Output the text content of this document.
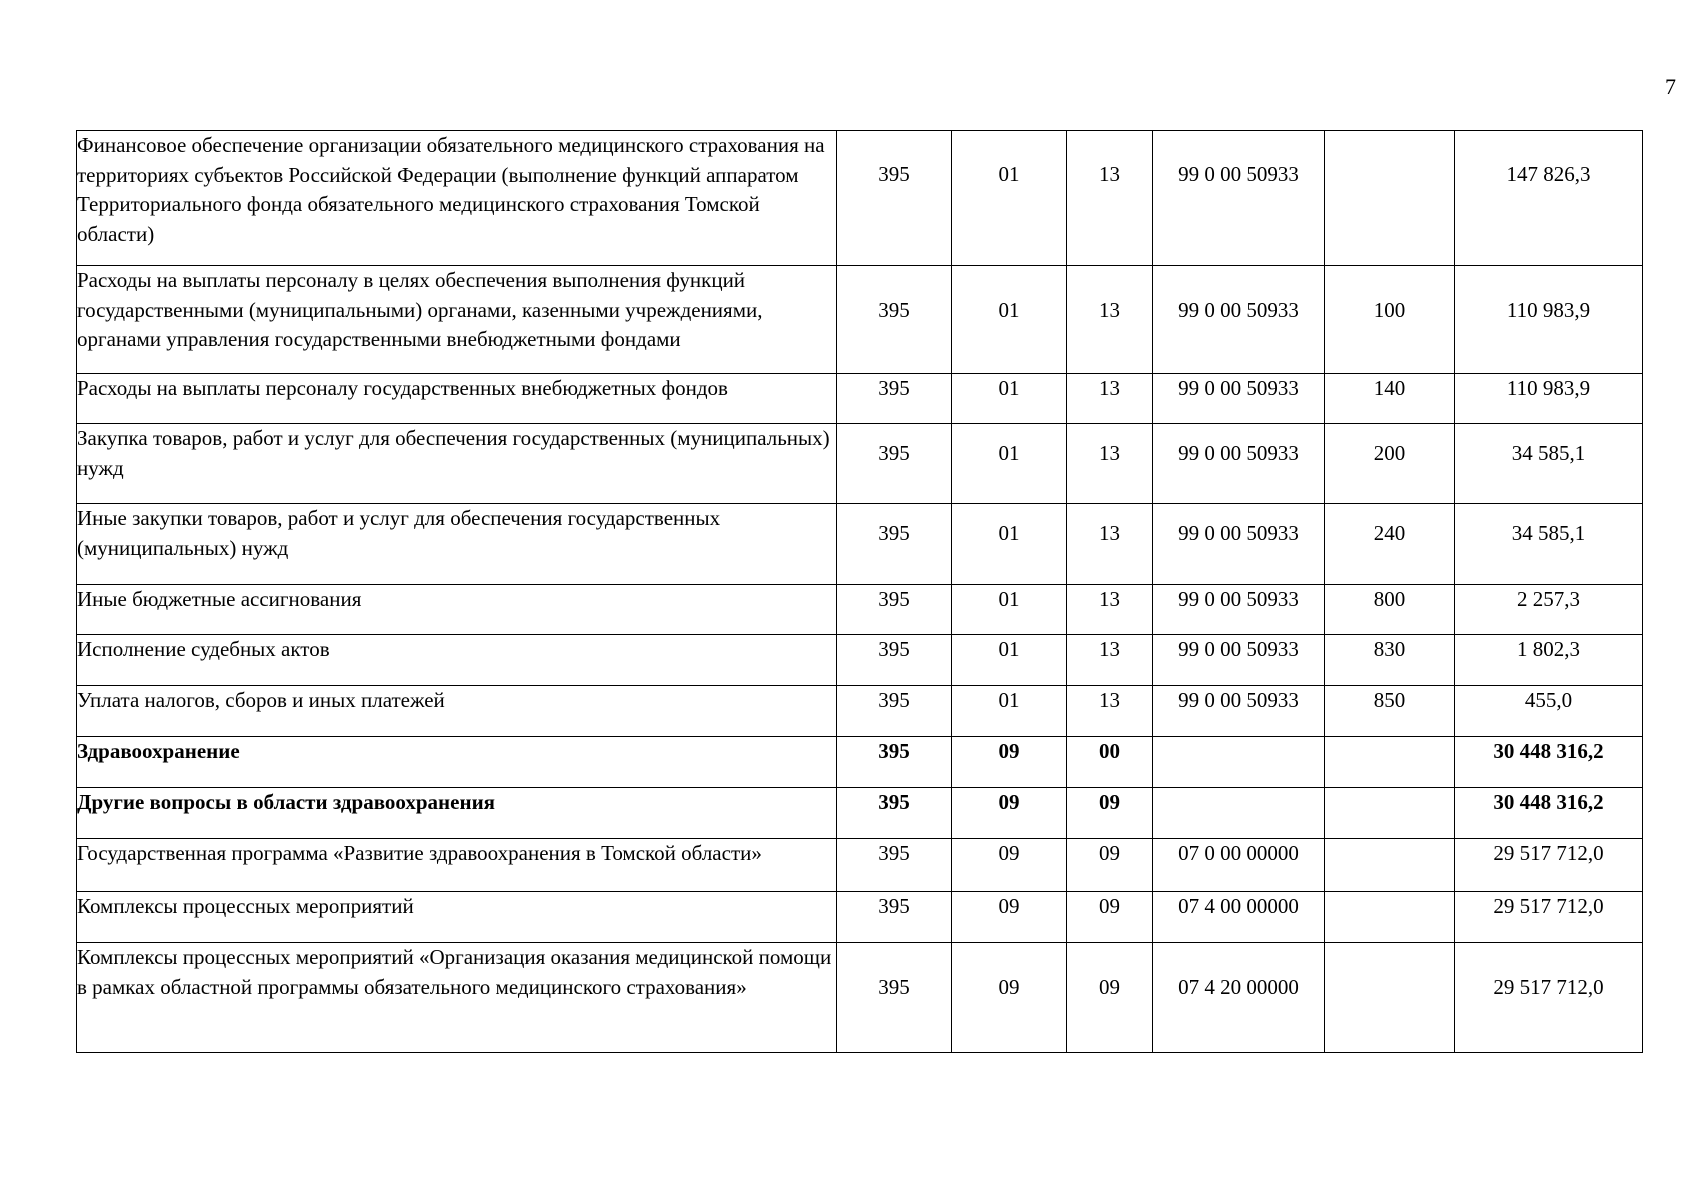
7
Финансовое обеспечение организации обязательного медицинского страхования на территориях субъектов Российской Федерации (выполнение функций аппаратом Территориального фонда обязательного медицинского страхования Томской области)	395	01	13	99 0 00 50933		147 826,3
Расходы на выплаты персоналу в целях обеспечения выполнения функций государственными (муниципальными) органами, казенными учреждениями, органами управления государственными внебюджетными фондами	395	01	13	99 0 00 50933	100	110 983,9
Расходы на выплаты персоналу государственных внебюджетных фондов	395	01	13	99 0 00 50933	140	110 983,9
Закупка товаров, работ и услуг для обеспечения государственных (муниципальных) нужд	395	01	13	99 0 00 50933	200	34 585,1
Иные закупки товаров, работ и услуг для обеспечения государственных (муниципальных) нужд	395	01	13	99 0 00 50933	240	34 585,1
Иные бюджетные ассигнования	395	01	13	99 0 00 50933	800	2 257,3
Исполнение судебных актов	395	01	13	99 0 00 50933	830	1 802,3
Уплата налогов, сборов и иных платежей	395	01	13	99 0 00 50933	850	455,0
Здравоохранение	395	09	00			30 448 316,2
Другие вопросы в области здравоохранения	395	09	09			30 448 316,2
Государственная программа «Развитие здравоохранения в Томской области»	395	09	09	07 0 00 00000		29 517 712,0
Комплексы процессных мероприятий	395	09	09	07 4 00 00000		29 517 712,0
Комплексы процессных мероприятий «Организация оказания медицинской помощи в рамках областной программы обязательного медицинского страхования»	395	09	09	07 4 20 00000		29 517 712,0
